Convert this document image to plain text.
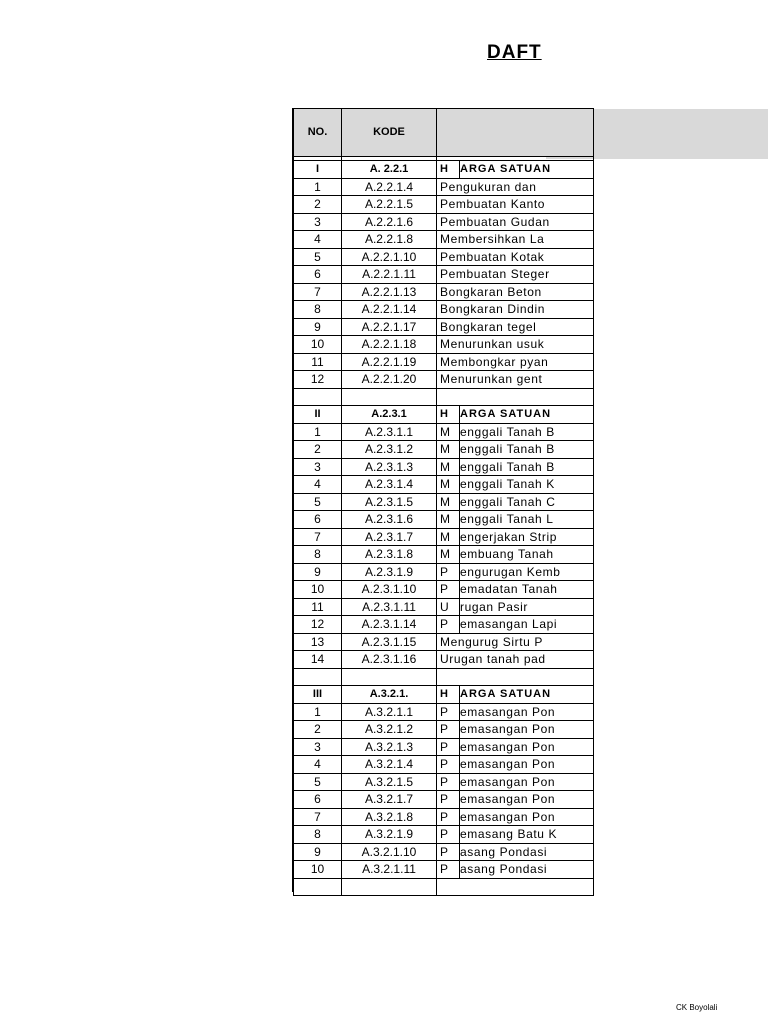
DAFT
NO.	KODE		

I	A. 2.2.1	H	ARGA SATUAN
1	A.2.2.1.4	Pengukuran dan	
2	A.2.2.1.5	Pembuatan Kanto	
3	A.2.2.1.6	Pembuatan Gudan	
4	A.2.2.1.8	Membersihkan La	
5	A.2.2.1.10	Pembuatan Kotak	
6	A.2.2.1.11	Pembuatan Steger	
7	A.2.2.1.13	Bongkaran Beton	
8	A.2.2.1.14	Bongkaran Dindin	
9	A.2.2.1.17	Bongkaran tegel	
10	A.2.2.1.18	Menurunkan usuk	
11	A.2.2.1.19	Membongkar pyan	
12	A.2.2.1.20	Menurunkan gent	

II	A.2.3.1	H	ARGA SATUAN
1	A.2.3.1.1	M	enggali Tanah B
2	A.2.3.1.2	M	enggali Tanah B
3	A.2.3.1.3	M	enggali Tanah B
4	A.2.3.1.4	M	enggali Tanah K
5	A.2.3.1.5	M	enggali Tanah C
6	A.2.3.1.6	M	enggali Tanah L
7	A.2.3.1.7	M	engerjakan Strip
8	A.2.3.1.8	M	embuang Tanah
9	A.2.3.1.9	P	engurugan Kemb
10	A.2.3.1.10	P	emadatan Tanah
11	A.2.3.1.11	U	rugan Pasir
12	A.2.3.1.14	P	emasangan Lapi
13	A.2.3.1.15	Mengurug Sirtu P	
14	A.2.3.1.16	Urugan tanah pad	

III	A.3.2.1.	H	ARGA SATUAN
1	A.3.2.1.1	P	emasangan Pon
2	A.3.2.1.2	P	emasangan Pon
3	A.3.2.1.3	P	emasangan Pon
4	A.3.2.1.4	P	emasangan Pon
5	A.3.2.1.5	P	emasangan Pon
6	A.3.2.1.7	P	emasangan Pon
7	A.3.2.1.8	P	emasangan Pon
8	A.3.2.1.9	P	emasang Batu K
9	A.3.2.1.10	P	asang Pondasi
10	A.3.2.1.11	P	asang Pondasi

CK Boyolali
